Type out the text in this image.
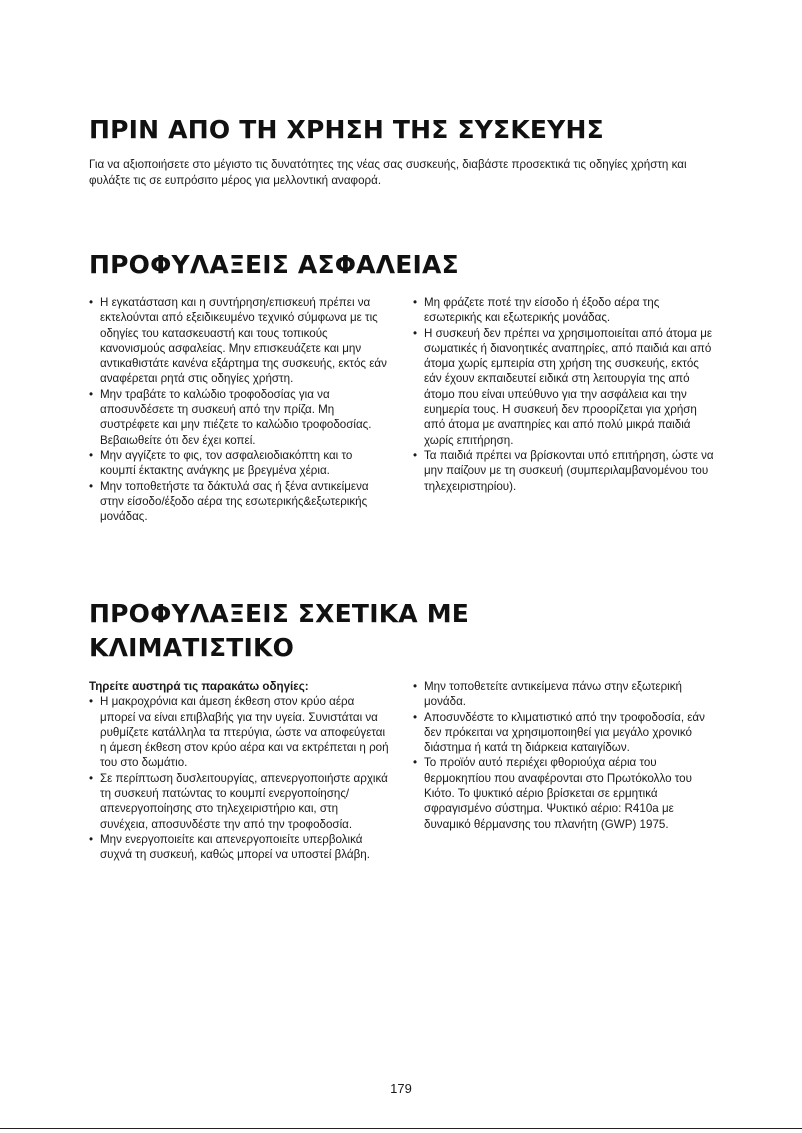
ΠΡΙΝ ΑΠΟ ΤΗ ΧΡΗΣΗ ΤΗΣ ΣΥΣΚΕΥΗΣ

Για να αξιοποιήσετε στο μέγιστο τις δυνατότητες της νέας σας συσκευής, διαβάστε προσεκτικά τις οδηγίες χρήστη και φυλάξτε τις σε ευπρόσιτο μέρος για μελλοντική αναφορά.

ΠΡΟΦΥΛΑΞΕΙΣ ΑΣΦΑΛΕΙΑΣ
• Η εγκατάσταση και η συντήρηση/επισκευή πρέπει να εκτελούνται από εξειδικευμένο τεχνικό σύμφωνα με τις οδηγίες του κατασκευαστή και τους τοπικούς κανονισμούς ασφαλείας. Μην επισκευάζετε και μην αντικαθιστάτε κανένα εξάρτημα της συσκευής, εκτός εάν αναφέρεται ρητά στις οδηγίες χρήστη.
• Μην τραβάτε το καλώδιο τροφοδοσίας για να αποσυνδέσετε τη συσκευή από την πρίζα. Μη συστρέφετε και μην πιέζετε το καλώδιο τροφοδοσίας. Βεβαιωθείτε ότι δεν έχει κοπεί.
• Μην αγγίζετε το φις, τον ασφαλειοδιακόπτη και το κουμπί έκτακτης ανάγκης με βρεγμένα χέρια.
• Μην τοποθετήστε τα δάκτυλά σας ή ξένα αντικείμενα στην είσοδο/έξοδο αέρα της εσωτερικής&εξωτερικής μονάδας.
• Μη φράζετε ποτέ την είσοδο ή έξοδο αέρα της εσωτερικής και εξωτερικής μονάδας.
• Η συσκευή δεν πρέπει να χρησιμοποιείται από άτομα με σωματικές ή διανοητικές αναπηρίες, από παιδιά και από άτομα χωρίς εμπειρία στη χρήση της συσκευής, εκτός εάν έχουν εκπαιδευτεί ειδικά στη λειτουργία της από άτομο που είναι υπεύθυνο για την ασφάλεια και την ευημερία τους. Η συσκευή δεν προορίζεται για χρήση από άτομα με αναπηρίες και από πολύ μικρά παιδιά χωρίς επιτήρηση.
• Τα παιδιά πρέπει να βρίσκονται υπό επιτήρηση, ώστε να μην παίζουν με τη συσκευή (συμπεριλαμβανομένου του τηλεχειριστηρίου).
ΠΡΟΦΥΛΑΞΕΙΣ ΣΧΕΤΙΚΑ ΜΕ
ΚΛΙΜΑΤΙΣΤΙΚΟ
Τηρείτε αυστηρά τις παρακάτω οδηγίες:
• Η μακροχρόνια και άμεση έκθεση στον κρύο αέρα μπορεί να είναι επιβλαβής για την υγεία. Συνιστάται να ρυθμίζετε κατάλληλα τα πτερύγια, ώστε να αποφεύγεται η άμεση έκθεση στον κρύο αέρα και να εκτρέπεται η ροή του στο δωμάτιο.
• Σε περίπτωση δυσλειτουργίας, απενεργοποιήστε αρχικά τη συσκευή πατώντας το κουμπί ενεργοποίησης/απενεργοποίησης στο τηλεχειριστήριο και, στη συνέχεια, αποσυνδέστε την από την τροφοδοσία.
• Μην ενεργοποιείτε και απενεργοποιείτε υπερβολικά συχνά τη συσκευή, καθώς μπορεί να υποστεί βλάβη.
• Μην τοποθετείτε αντικείμενα πάνω στην εξωτερική μονάδα.
• Αποσυνδέστε το κλιματιστικό από την τροφοδοσία, εάν δεν πρόκειται να χρησιμοποιηθεί για μεγάλο χρονικό διάστημα ή κατά τη διάρκεια καταιγίδων.
• Το προϊόν αυτό περιέχει φθοριούχα αέρια του θερμοκηπίου που αναφέρονται στο Πρωτόκολλο του Κιότο. Το ψυκτικό αέριο βρίσκεται σε ερμητικά σφραγισμένο σύστημα. Ψυκτικό αέριο: R410a με δυναμικό θέρμανσης του πλανήτη (GWP) 1975.
179
